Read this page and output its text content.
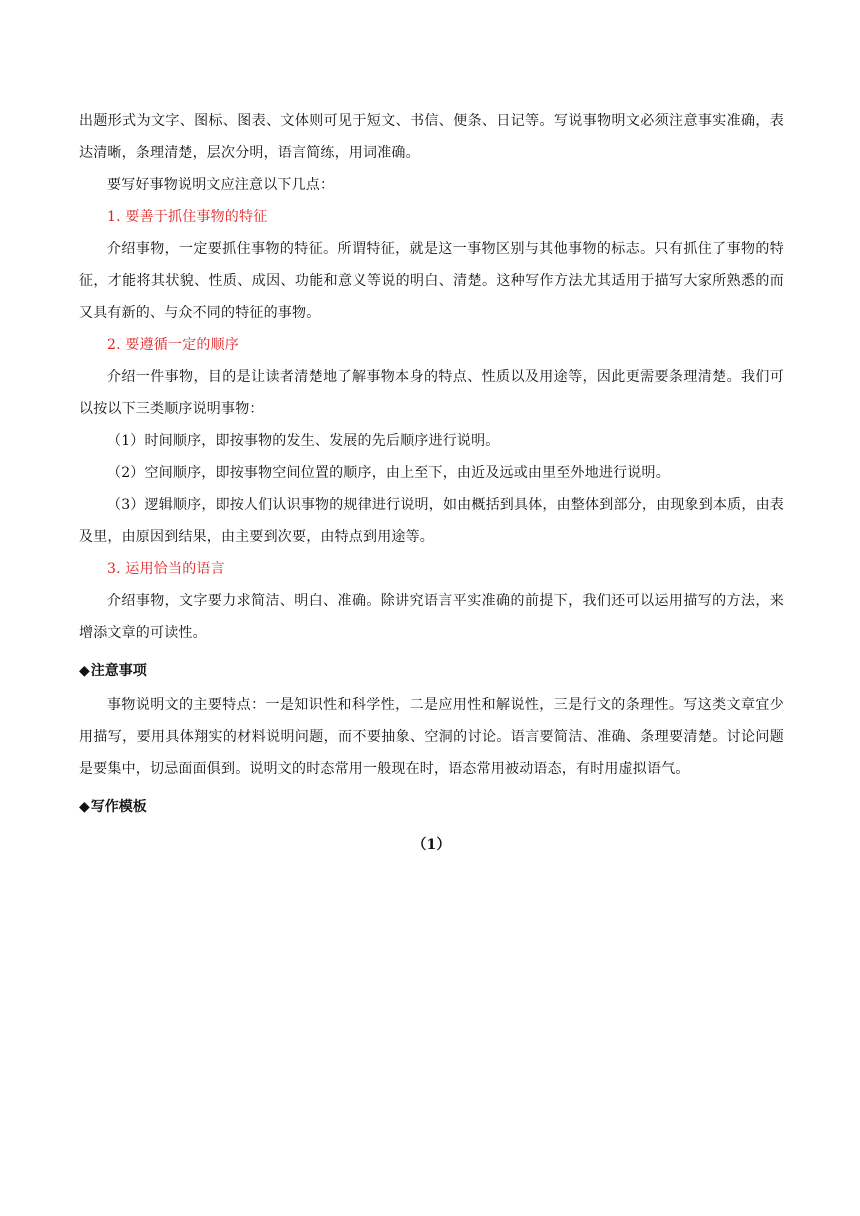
出题形式为文字、图标、图表、文体则可见于短文、书信、便条、日记等。写说事物明文必须注意事实准确，表达清晰，条理清楚，层次分明，语言简练，用词准确。

要写好事物说明文应注意以下几点：

1. 要善于抓住事物的特征

介绍事物，一定要抓住事物的特征。所谓特征，就是这一事物区别与其他事物的标志。只有抓住了事物的特征，才能将其状貌、性质、成因、功能和意义等说的明白、清楚。这种写作方法尤其适用于描写大家所熟悉的而又具有新的、与众不同的特征的事物。

2. 要遵循一定的顺序

介绍一件事物，目的是让读者清楚地了解事物本身的特点、性质以及用途等，因此更需要条理清楚。我们可以按以下三类顺序说明事物：

（1）时间顺序，即按事物的发生、发展的先后顺序进行说明。

（2）空间顺序，即按事物空间位置的顺序，由上至下，由近及远或由里至外地进行说明。

（3）逻辑顺序，即按人们认识事物的规律进行说明，如由概括到具体，由整体到部分，由现象到本质，由表及里，由原因到结果，由主要到次要，由特点到用途等。

3. 运用恰当的语言

介绍事物，文字要力求简洁、明白、准确。除讲究语言平实准确的前提下，我们还可以运用描写的方法，来增添文章的可读性。

◆注意事项

事物说明文的主要特点：一是知识性和科学性，二是应用性和解说性，三是行文的条理性。写这类文章宜少用描写，要用具体翔实的材料说明问题，而不要抽象、空洞的讨论。语言要简洁、准确、条理要清楚。讨论问题是要集中，切忌面面俱到。说明文的时态常用一般现在时，语态常用被动语态，有时用虚拟语气。

◆写作模板

（1）
